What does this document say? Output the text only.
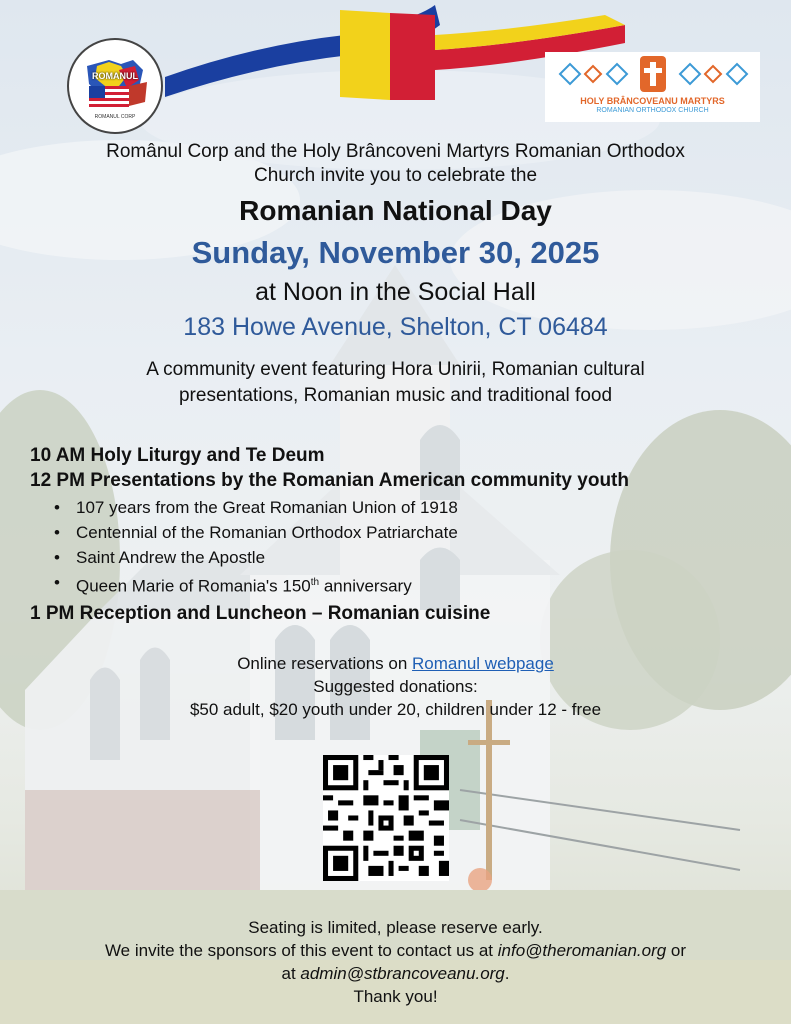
ROMANUL
ROMANUL CORP
HOLY BRÂNCOVEANU MARTYRS
ROMANIAN ORTHODOX CHURCH
Românul Corp and the Holy Brâncoveni Martyrs Romanian Orthodox
Church invite you to celebrate the
Romanian National Day
Sunday, November 30, 2025
at Noon in the Social Hall
183 Howe Avenue, Shelton, CT 06484
A community event featuring Hora Unirii, Romanian cultural
presentations, Romanian music and traditional food
10 AM Holy Liturgy and Te Deum
12 PM Presentations by the Romanian American community youth
• 107 years from the Great Romanian Union of 1918
• Centennial of the Romanian Orthodox Patriarchate
• Saint Andrew the Apostle
• Queen Marie of Romania's 150th anniversary
1 PM Reception and Luncheon – Romanian cuisine
Online reservations on Romanul webpage
Suggested donations:
$50 adult, $20 youth under 20, children under 12 - free
Seating is limited, please reserve early.
We invite the sponsors of this event to contact us at info@theromanian.org or
at admin@stbrancoveanu.org.
Thank you!
